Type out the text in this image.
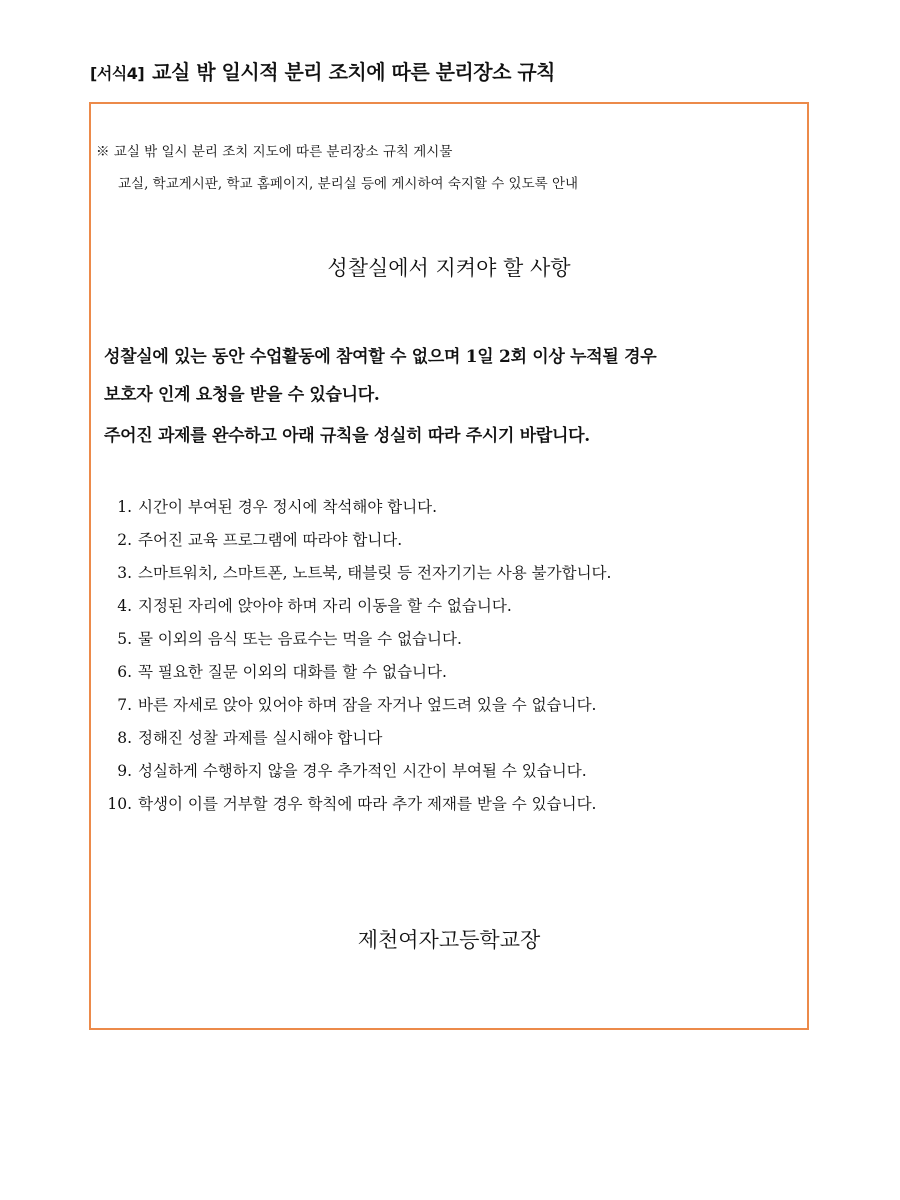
[서식4] 교실 밖 일시적 분리 조치에 따른 분리장소 규칙
※ 교실 밖 일시 분리 조치 지도에 따른 분리장소 규칙 게시물
교실, 학교게시판, 학교 홈페이지, 분리실 등에 게시하여 숙지할 수 있도록 안내
성찰실에서 지켜야 할 사항
성찰실에 있는 동안 수업활동에 참여할 수 없으며 1일 2회 이상 누적될 경우
보호자 인계 요청을 받을 수 있습니다.
주어진 과제를 완수하고 아래 규칙을 성실히 따라 주시기 바랍니다.
1. 시간이 부여된 경우 정시에 착석해야 합니다.
2. 주어진 교육 프로그램에 따라야 합니다.
3. 스마트워치, 스마트폰, 노트북, 태블릿 등 전자기기는 사용 불가합니다.
4. 지정된 자리에 앉아야 하며 자리 이동을 할 수 없습니다.
5. 물 이외의 음식 또는 음료수는 먹을 수 없습니다.
6. 꼭 필요한 질문 이외의 대화를 할 수 없습니다.
7. 바른 자세로 앉아 있어야 하며 잠을 자거나 엎드려 있을 수 없습니다.
8. 정해진 성찰 과제를 실시해야 합니다
9. 성실하게 수행하지 않을 경우 추가적인 시간이 부여될 수 있습니다.
10. 학생이 이를 거부할 경우 학칙에 따라 추가 제재를 받을 수 있습니다.
제천여자고등학교장
